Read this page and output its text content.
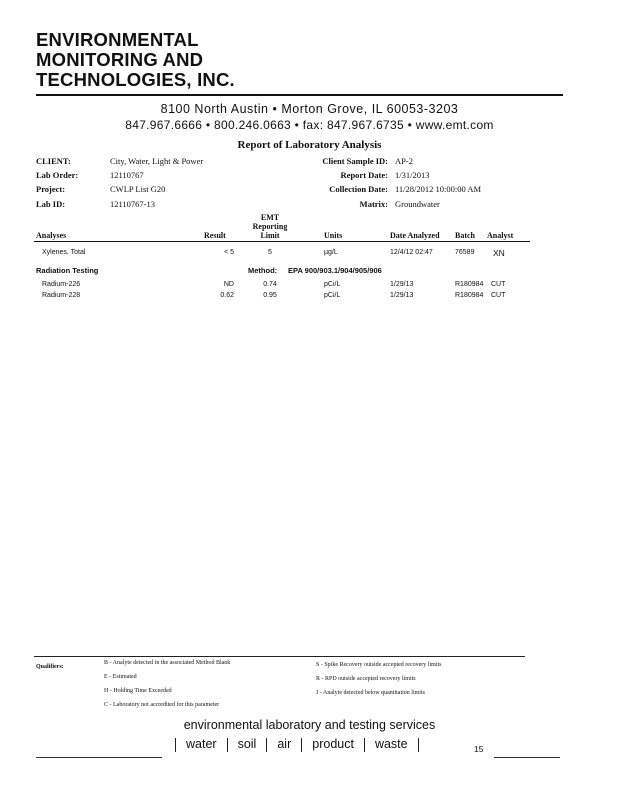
ENVIRONMENTAL
MONITORING AND
TECHNOLOGIES, INC.
8100 North Austin • Morton Grove, IL 60053-3203
847.967.6666 • 800.246.0663 • fax: 847.967.6735 • www.emt.com
Report of Laboratory Analysis
CLIENT:	City, Water, Light & Power
Lab Order:	12110767
Project:	CWLP List G20
Lab ID:	12110767-13
Client Sample ID: AP-2
Report Date: 1/31/2013
Collection Date: 11/28/2012 10:00:00 AM
Matrix: Groundwater
Analyses	Result
EMT
Reporting
Limit	Units	Date Analyzed Batch Analyst
Xylenes, Total	< 5	5	µg/L	12/4/12 02:47	76589 XN
Radiation Testing	Method: EPA 900/903.1/904/905/906
Radium-226	ND	0.74	pCi/L	1/29/13	R180984 CUT
Radium-228	0.62	0.95	pCi/L	1/29/13	R180984 CUT
Qualifiers:
B - Analyte detected in the associated Method Blank
E - Estimated
H - Holding Time Exceeded
C - Laboratory not accredited for this parameter
S - Spike Recovery outside accepted recovery limits
R - RPD outside accepted recovery limits
J - Analyte detected below quantitation limits
environmental laboratory and testing services
water soil air product waste	15
